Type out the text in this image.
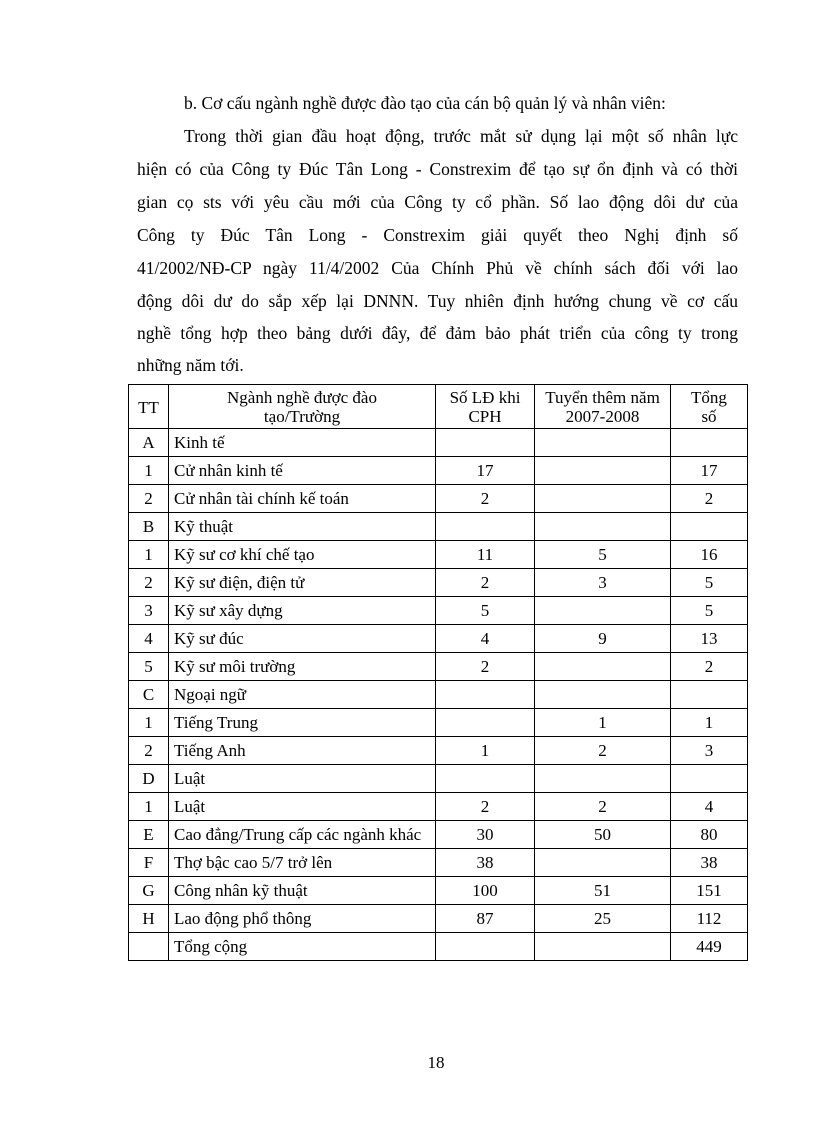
b. Cơ cấu ngành nghề được đào tạo của cán bộ quản lý và nhân viên:
Trong thời gian đầu hoạt động, trước mắt sử dụng lại một số nhân lực
hiện có của Công ty Đúc Tân Long - Constrexim để tạo sự ổn định và có thời
gian cọ sts với yêu cầu mới của Công ty cổ phần. Số lao động dôi dư của
Công ty Đúc Tân Long - Constrexim giải quyết theo Nghị định số
41/2002/NĐ-CP ngày 11/4/2002 Của Chính Phủ về chính sách đối với lao
động dôi dư do sắp xếp lại DNNN. Tuy nhiên định hướng chung về cơ cấu
nghề tổng hợp theo bảng dưới đây, để đảm bảo phát triển của công ty trong
những năm tới.
TT	Ngành nghề được đào tạo/Trường	Số LĐ khi CPH	Tuyển thêm năm 2007-2008	Tổng số
A	Kinh tế			
1	Cử nhân kinh tế	17		17
2	Cử nhân tài chính kế toán	2		2
B	Kỹ thuật			
1	Kỹ sư cơ khí chế tạo	11	5	16
2	Kỹ sư điện, điện tử	2	3	5
3	Kỹ sư xây dựng	5		5
4	Kỹ sư đúc	4	9	13
5	Kỹ sư môi trường	2		2
C	Ngoại ngữ			
1	Tiếng Trung		1	1
2	Tiếng Anh	1	2	3
D	Luật			
1	Luật	2	2	4
E	Cao đẳng/Trung cấp các ngành khác	30	50	80
F	Thợ bậc cao 5/7 trở lên	38		38
G	Công nhân kỹ thuật	100	51	151
H	Lao động phổ thông	87	25	112
	Tổng cộng			449
18
